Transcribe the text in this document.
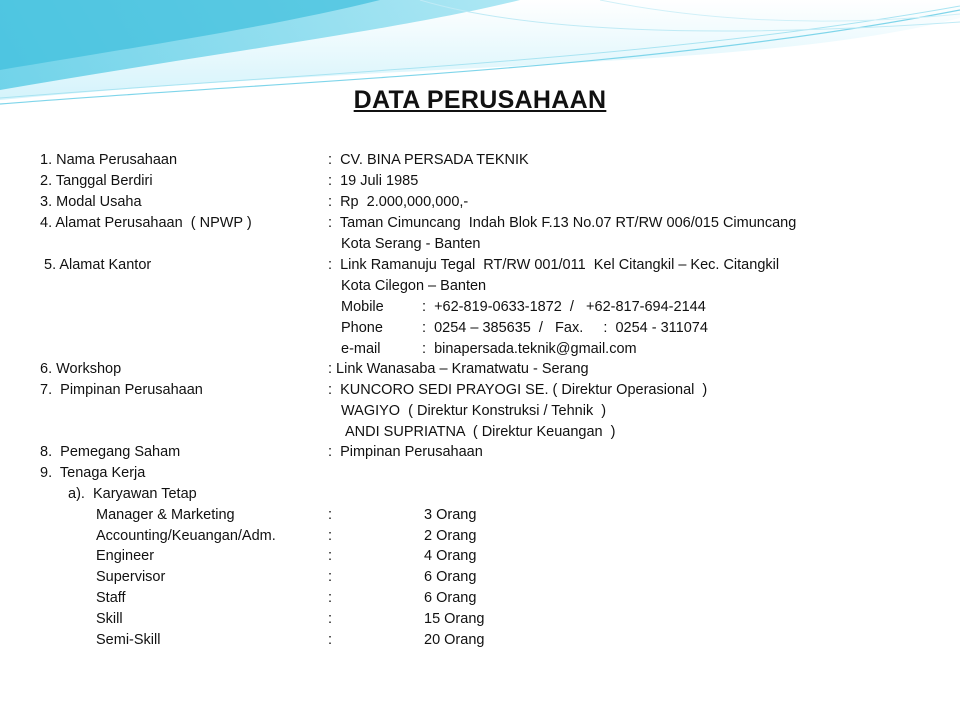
DATA PERUSAHAAN
1. Nama Perusahaan	:  CV. BINA PERSADA TEKNIK
2. Tanggal Berdiri	:  19 Juli 1985
3. Modal Usaha	:  Rp  2.000,000,000,-
4. Alamat Perusahaan  ( NPWP )	:  Taman Cimuncang  Indah Blok F.13 No.07 RT/RW 006/015 Cimuncang
Kota Serang - Banten
5. Alamat Kantor	:  Link Ramanuju Tegal  RT/RW 001/011  Kel Citangkil – Kec. Citangkil
Kota Cilegon – Banten
Mobile	:  +62-819-0633-1872  /   +62-817-694-2144
Phone	:  0254 – 385635  /   Fax.     :  0254 - 311074
e-mail	:  binapersada.teknik@gmail.com
6. Workshop	: Link Wanasaba – Kramatwatu - Serang
7.  Pimpinan Perusahaan	:  KUNCORO SEDI PRAYOGI SE. ( Direktur Operasional  )
WAGIYO  ( Direktur Konstruksi / Tehnik  )
ANDI SUPRIATNA  ( Direktur Keuangan  )
8.  Pemegang Saham	:  Pimpinan Perusahaan
9.  Tenaga Kerja
a).  Karyawan Tetap
Manager & Marketing	:	3 Orang
Accounting/Keuangan/Adm.	:	2 Orang
Engineer	:	4 Orang
Supervisor	:	6 Orang
Staff	:	6 Orang
Skill	:	15 Orang
Semi-Skill	:	20 Orang
